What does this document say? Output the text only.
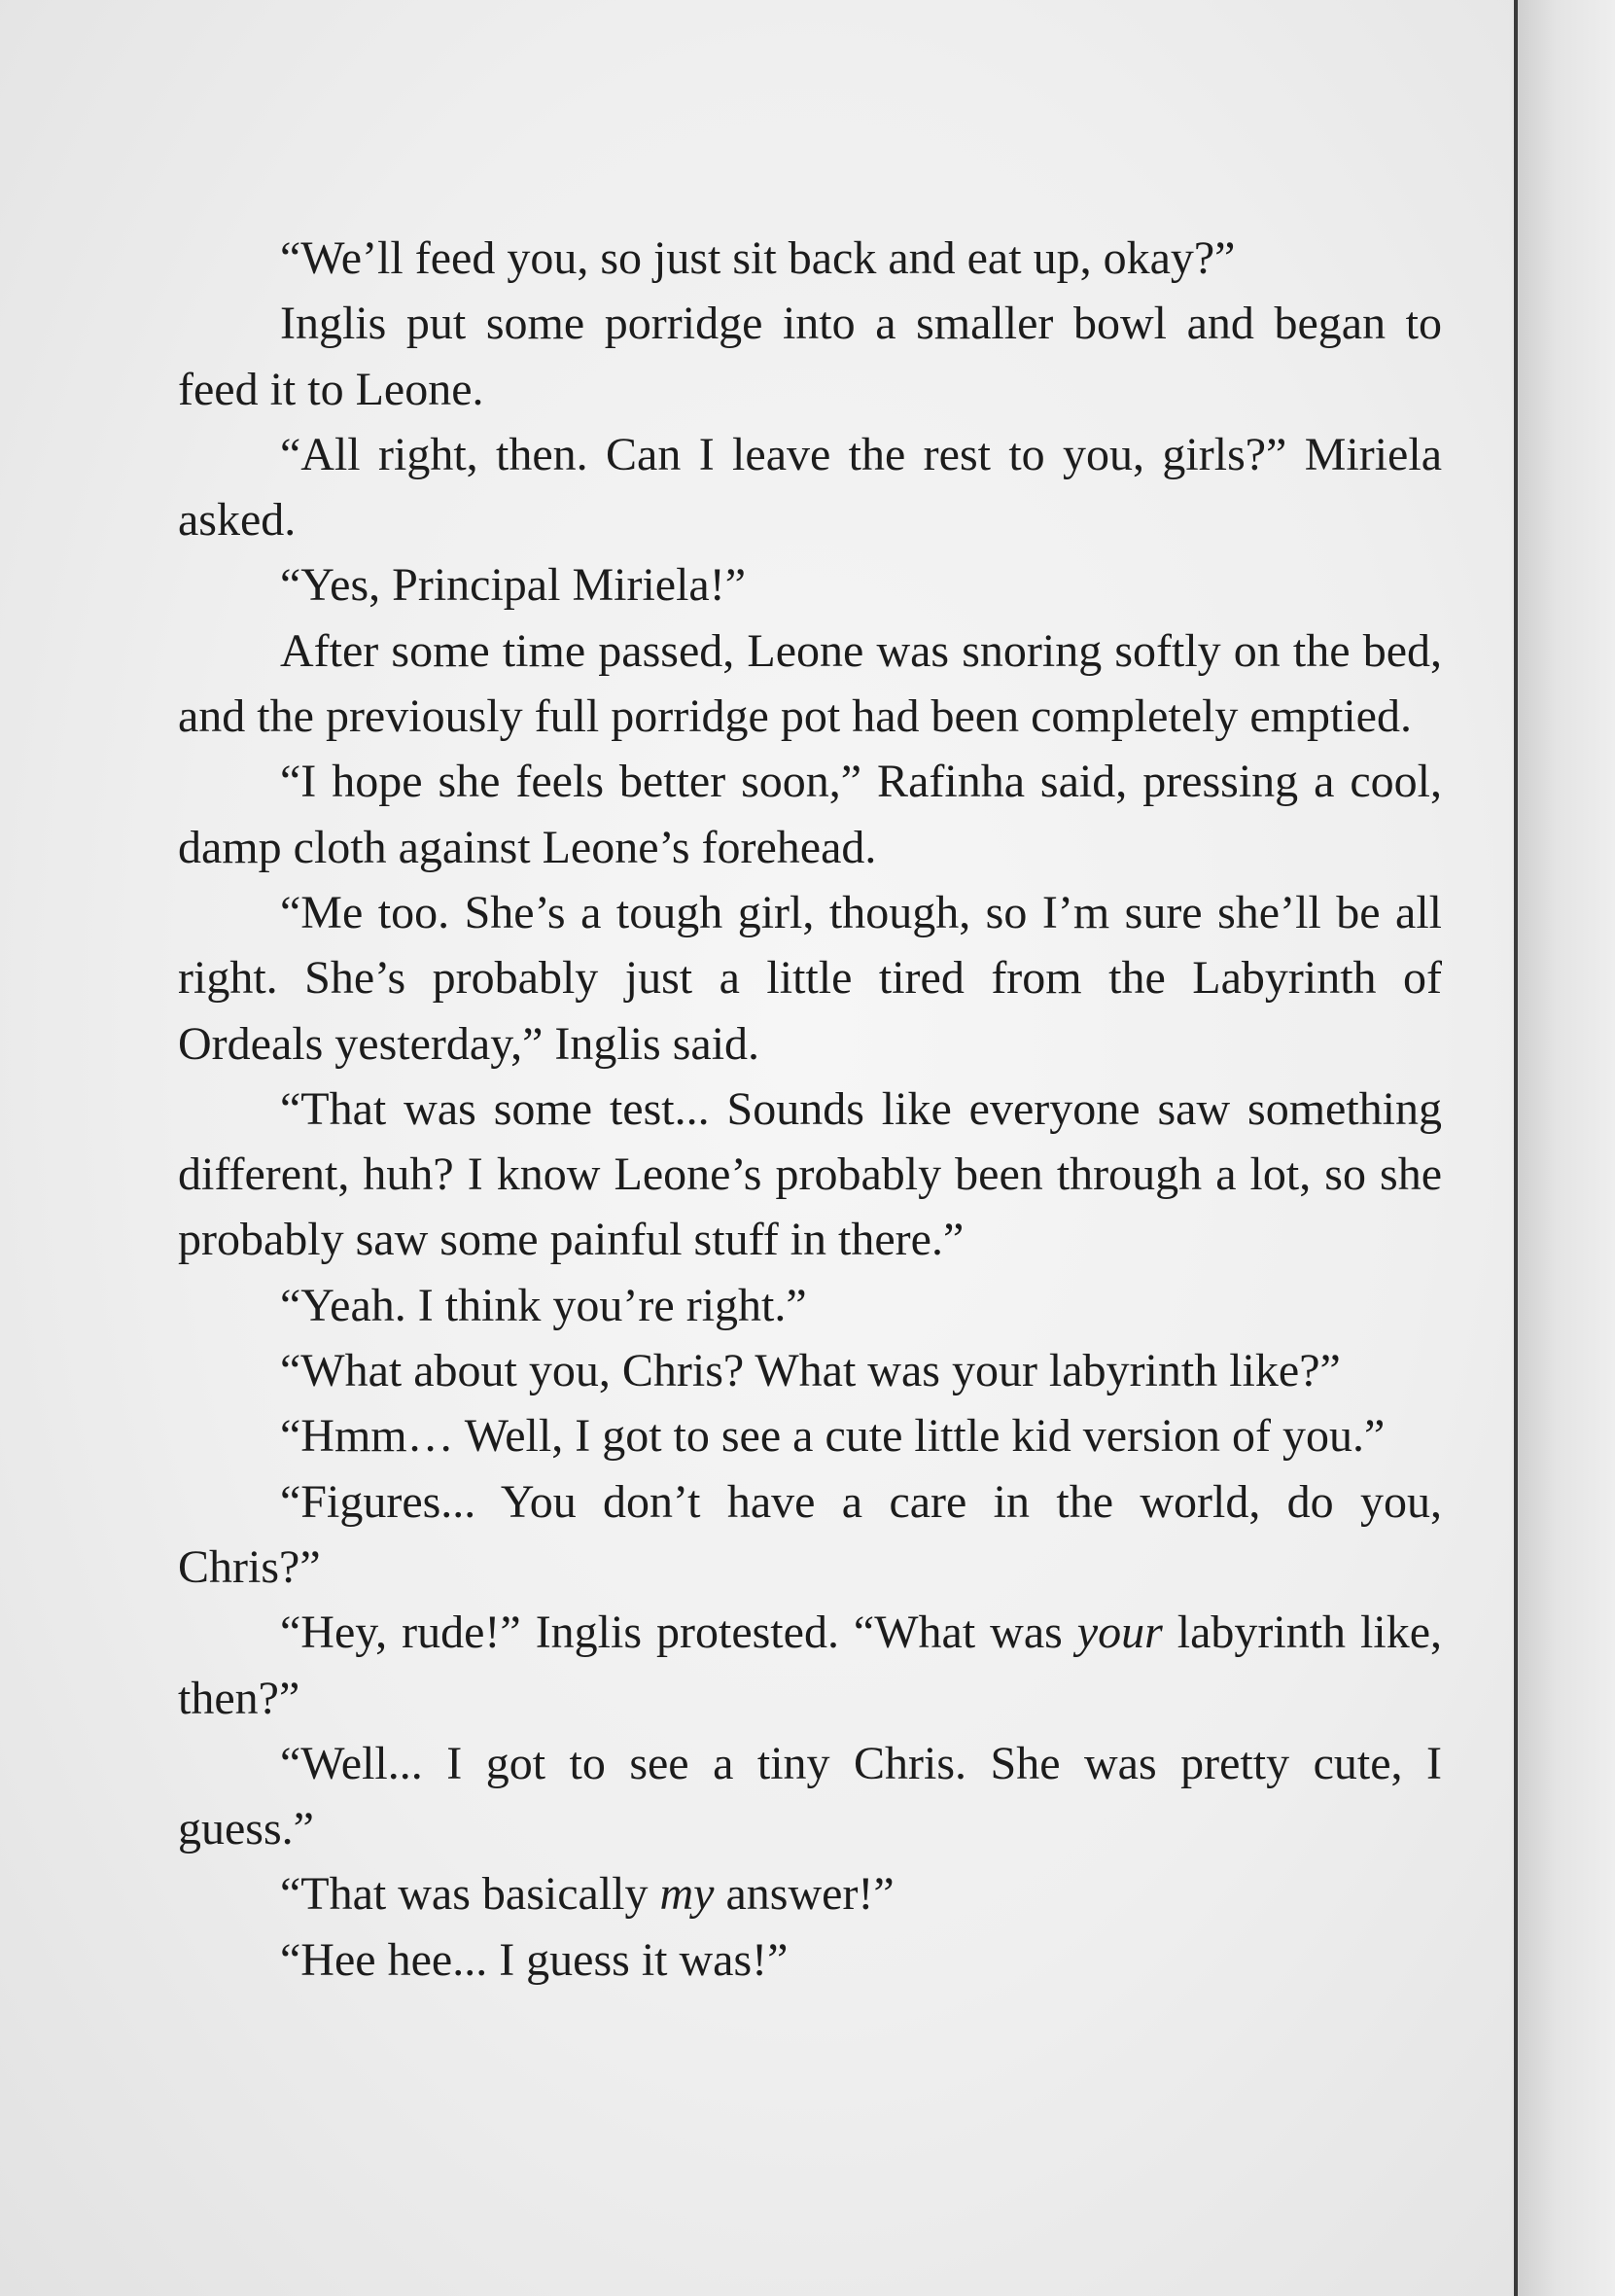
“We’ll feed you, so just sit back and eat up, okay?”

Inglis put some porridge into a smaller bowl and began to feed it to Leone.

“All right, then. Can I leave the rest to you, girls?” Miriela asked.

“Yes, Principal Miriela!”

After some time passed, Leone was snoring softly on the bed, and the previously full porridge pot had been completely emptied.

“I hope she feels better soon,” Rafinha said, pressing a cool, damp cloth against Leone’s forehead.

“Me too. She’s a tough girl, though, so I’m sure she’ll be all right. She’s probably just a little tired from the Labyrinth of Ordeals yesterday,” Inglis said.

“That was some test... Sounds like everyone saw something different, huh? I know Leone’s probably been through a lot, so she probably saw some painful stuff in there.”

“Yeah. I think you’re right.”

“What about you, Chris? What was your labyrinth like?”

“Hmm… Well, I got to see a cute little kid version of you.”

“Figures... You don’t have a care in the world, do you, Chris?”

“Hey, rude!” Inglis protested. “What was your labyrinth like, then?”

“Well... I got to see a tiny Chris. She was pretty cute, I guess.”

“That was basically my answer!”

“Hee hee... I guess it was!”
